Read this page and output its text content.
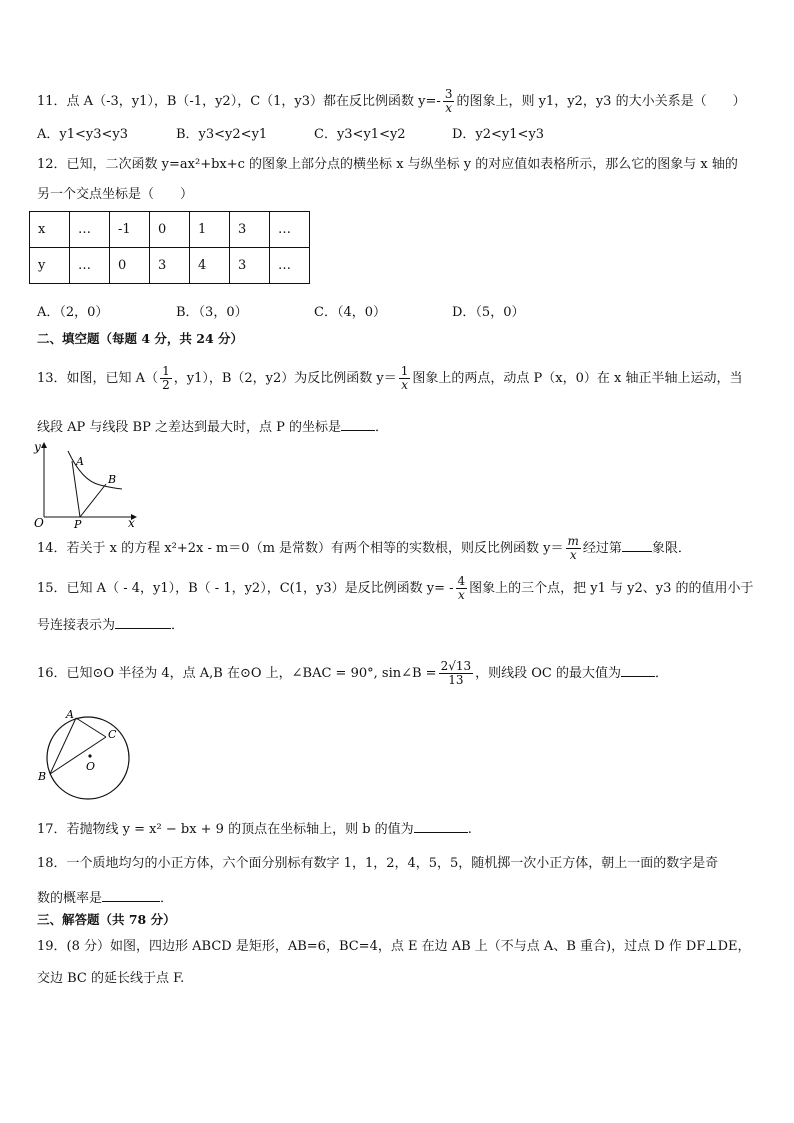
11．点 A（-3，y1），B（-1，y2），C（1，y3）都在反比例函数 $y=- \frac{3}{x}$ 的图象上，则 y1，y2，y3 的大小关系是（　　）
A．y1<y3<y3	B．y3<y2<y1	C．y3<y1<y2	D．y2<y1<y3
12．已知，二次函数 y=ax²+bx+c 的图象上部分点的横坐标 x 与纵坐标 y 的对应值如表格所示，那么它的图象与 x 轴的
另一个交点坐标是（　　）
x	…	-1	0	1	3	…
y	…	0	3	4	3	…
A．（2，0）	B．（3，0）	C．（4，0）	D．（5，0）
二、填空题（每题 4 分，共 24 分）
13．如图，已知 $A( \frac{1}{2}$ ，y1），B（2，y2）为反比例函数 $y= \frac{1}{x}$ 图象上的两点，动点 P（x，0）在 x 轴正半轴上运动，当
线段 AP 与线段 BP 之差达到最大时，点 P 的坐标是	．
y
x
O
A
B
P
14．若关于 x 的方程 x²+2x - m＝0（m 是常数）有两个相等的实数根，则反比例函数 $y= \frac{m}{x}$ 经过第 象限．
15．已知 A（ - 4，y1），B（ - 1，y2），C(1，y3）是反比例函数 $y= - \frac{4}{x}$ 图象上的三个点，把 y1 与 y2、y3 的的值用小于
号连接表示为	．
16．已知⊙O 半径为 4，点 A,B 在⊙O 上，∠BAC = 90°, sin∠B = $\frac{2√13}{13}$ ，则线段 OC 的最大值为	．
A
B
C
O
17．若抛物线 y = x² − bx + 9 的顶点在坐标轴上，则 b 的值为	.
18．一个质地均匀的小正方体，六个面分别标有数字 1，1，2，4，5，5，随机掷一次小正方体，朝上一面的数字是奇
数的概率是	．
三、解答题（共 78 分）
19．(8 分）如图，四边形 ABCD 是矩形，AB=6，BC=4，点 E 在边 AB 上（不与点 A、B 重合)，过点 D 作 DF⊥DE，
交边 BC 的延长线于点 F.
